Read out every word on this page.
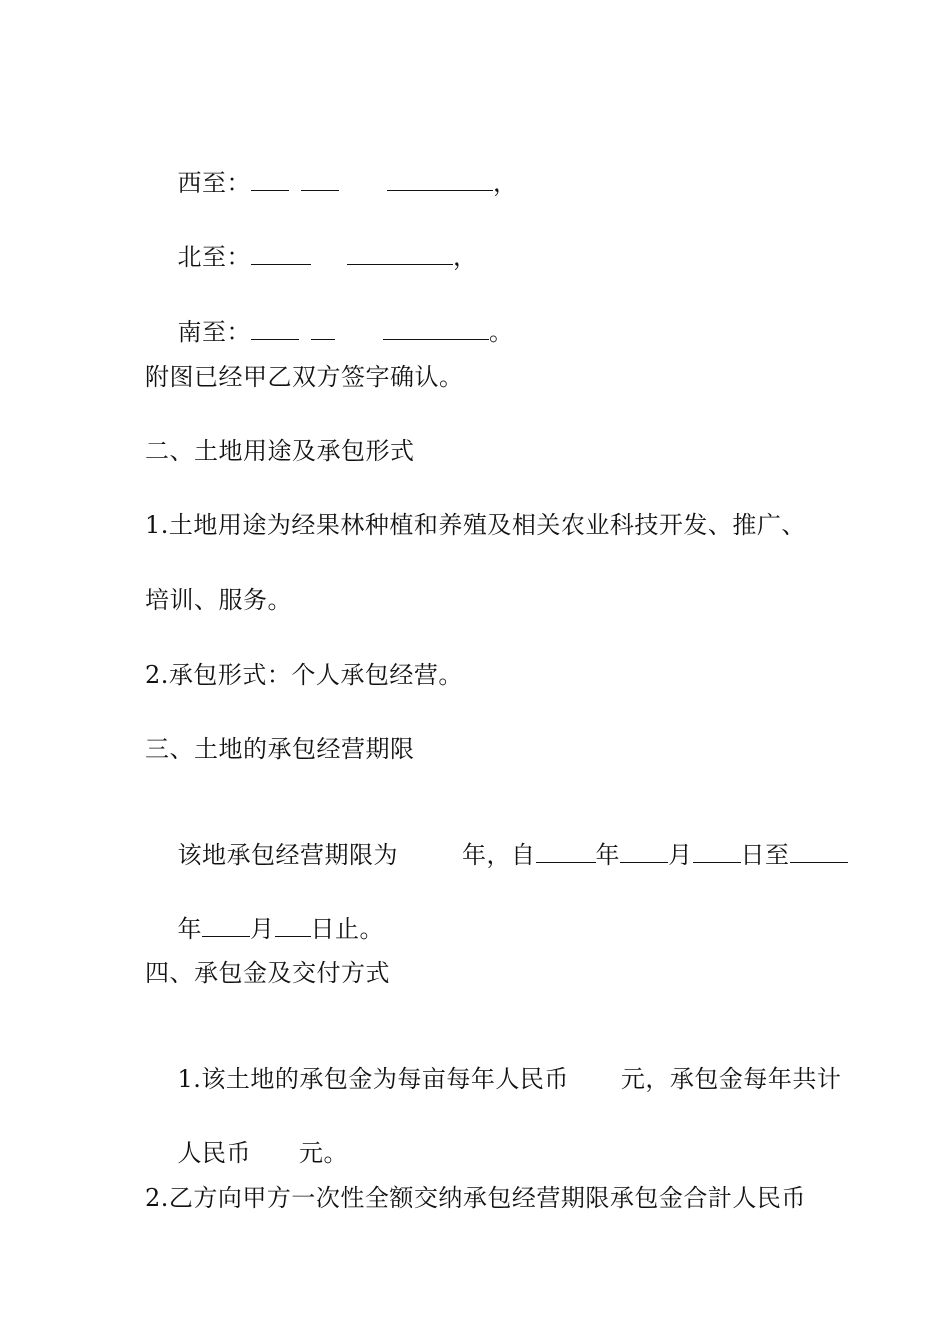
西至：	，

北至：	，

南至：	。

附图已经甲乙双方签字确认。
二、土地用途及承包形式
1.土地用途为经果林种植和养殖及相关农业科技开发、推广、
培训、服务。
2.承包形式：个人承包经营。
三、土地的承包经营期限

该地承包经营期限为	年，自	年 月 日至

年 月 日止。

四、承包金及交付方式

1.该土地的承包金为每亩每年人民币 元，承包金每年共计

人民币 元。

2.乙方向甲方一次性全额交纳承包经营期限承包金合計人民币
